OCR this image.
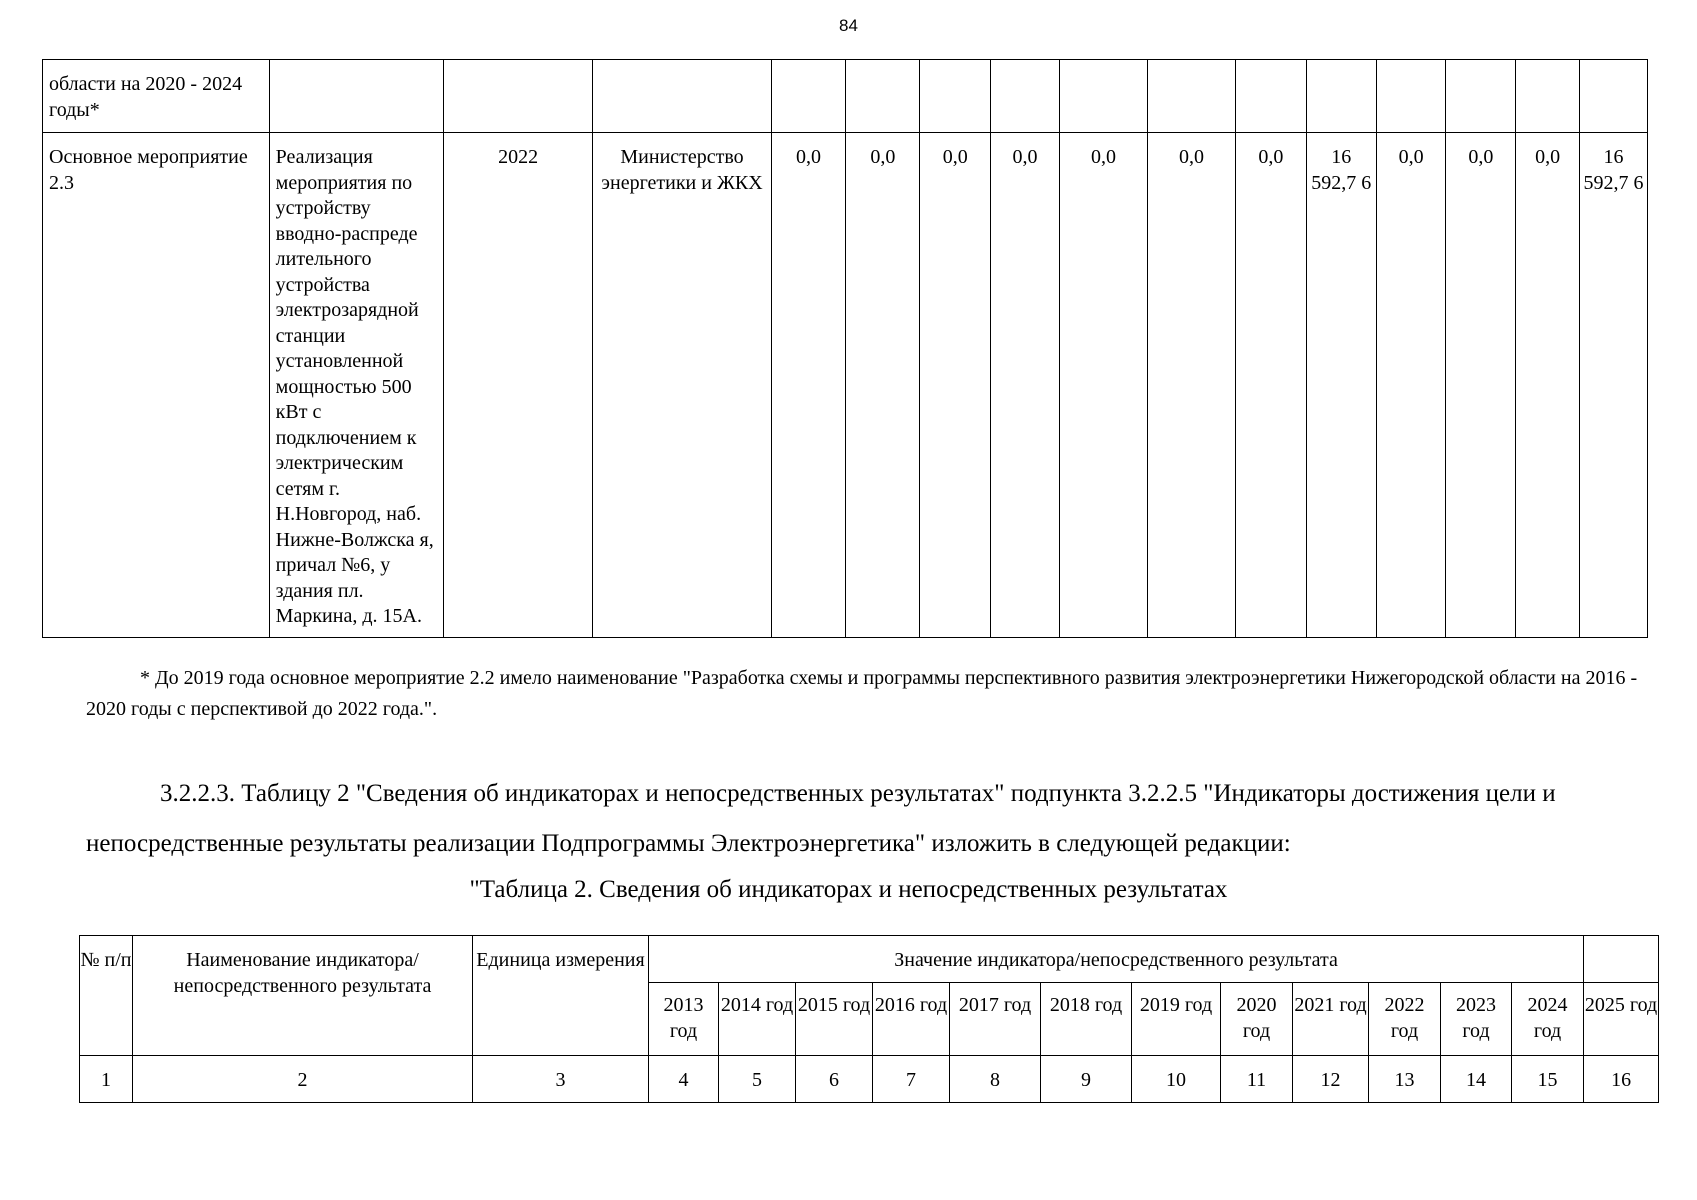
84
области на 2020 - 2024 годы*															
Основное мероприятие 2.3	Реализация мероприятия по устройству вводно-распреде лительного устройства электрозарядной станции установленной мощностью 500 кВт с подключением к электрическим сетям г. Н.Новгород, наб. Нижне-Волжска я, причал №6, у здания пл. Маркина, д. 15А.	2022	Министерство энергетики и ЖКХ	0,0	0,0	0,0	0,0	0,0	0,0	0,0	16 592,7 6	0,0	0,0	0,0	16 592,7 6
* До 2019 года основное мероприятие 2.2 имело наименование "Разработка схемы и программы перспективного развития электроэнергетики Нижегородской области на 2016 - 2020 годы с перспективой до 2022 года.".
3.2.2.3. Таблицу 2 "Сведения об индикаторах и непосредственных результатах" подпункта 3.2.2.5 "Индикаторы достижения цели и непосредственные результаты реализации Подпрограммы Электроэнергетика" изложить в следующей редакции:
"Таблица 2. Сведения об индикаторах и непосредственных результатах
№ п/п	Наименование индикатора/непосредственного результата	Единица измерения	Значение индикатора/непосредственного результата												
			2013 год	2014 год	2015 год	2016 год	2017 год	2018 год	2019 год	2020 год	2021 год	2022 год	2023 год	2024 год	2025 год
1	2	3	4	5	6	7	8	9	10	11	12	13	14	15	16
